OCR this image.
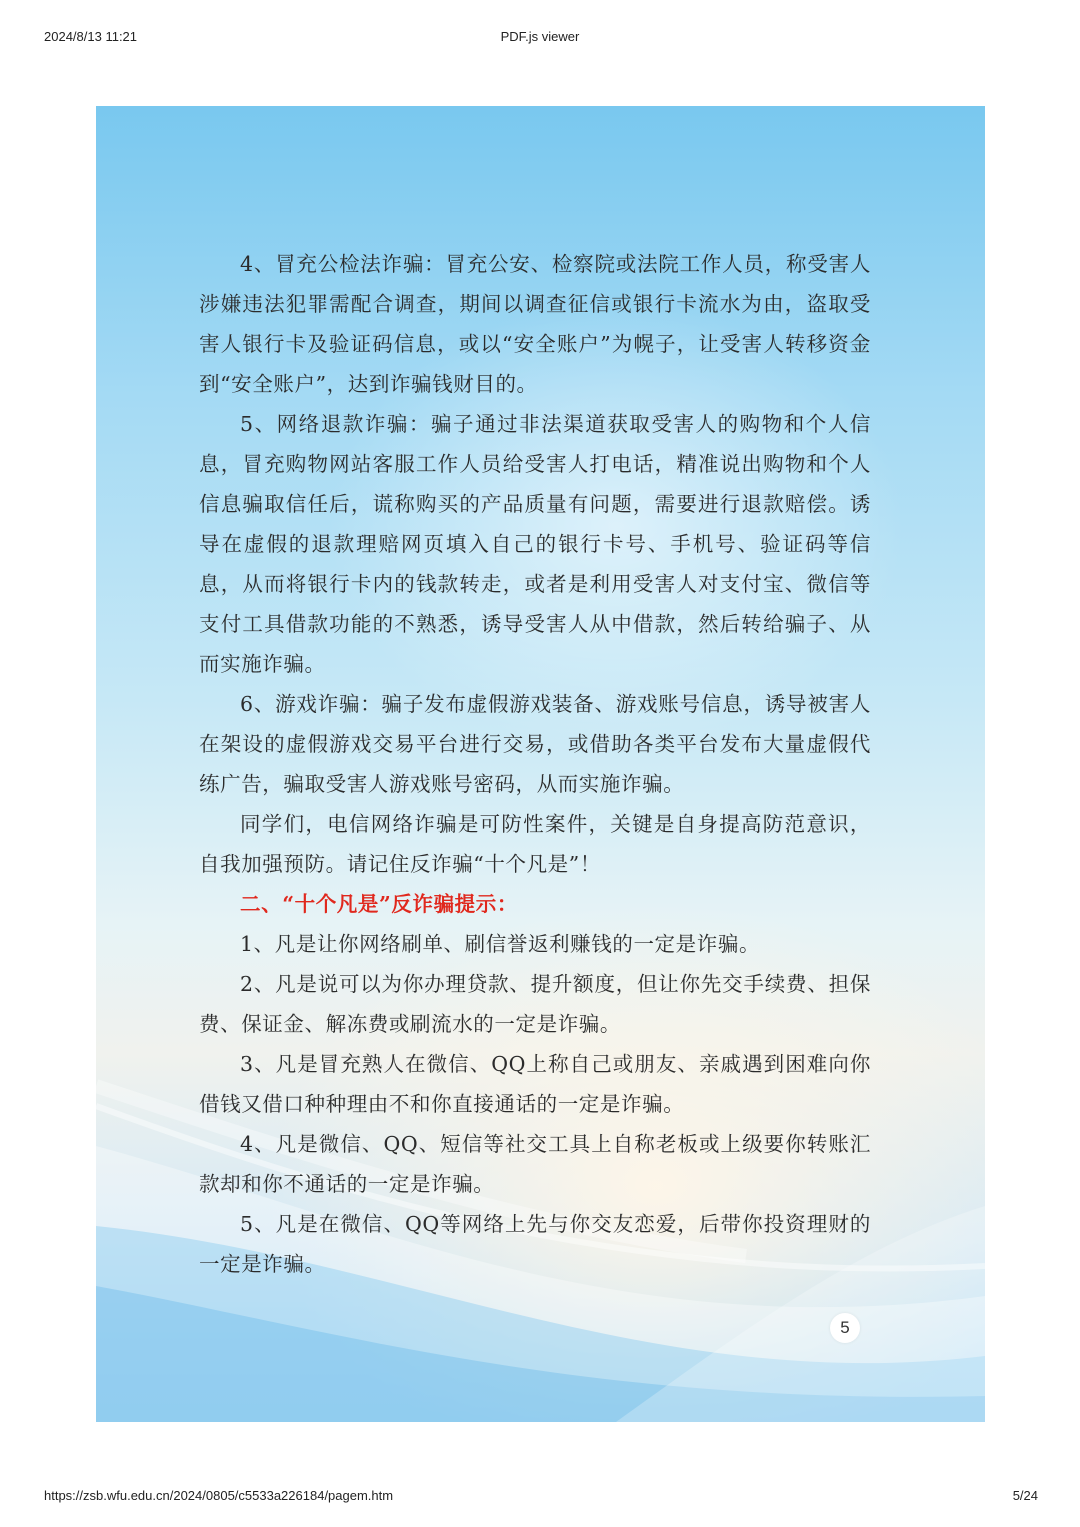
2024/8/13 11:21	PDF.js viewer

4、冒充公检法诈骗：冒充公安、检察院或法院工作人员，称受害人涉嫌违法犯罪需配合调查，期间以调查征信或银行卡流水为由，盗取受害人银行卡及验证码信息，或以“安全账户”为幌子，让受害人转移资金到“安全账户”，达到诈骗钱财目的。

5、网络退款诈骗：骗子通过非法渠道获取受害人的购物和个人信息，冒充购物网站客服工作人员给受害人打电话，精准说出购物和个人信息骗取信任后，谎称购买的产品质量有问题，需要进行退款赔偿。诱导在虚假的退款理赔网页填入自己的银行卡号、手机号、验证码等信息，从而将银行卡内的钱款转走，或者是利用受害人对支付宝、微信等支付工具借款功能的不熟悉，诱导受害人从中借款，然后转给骗子、从而实施诈骗。

6、游戏诈骗：骗子发布虚假游戏装备、游戏账号信息，诱导被害人在架设的虚假游戏交易平台进行交易，或借助各类平台发布大量虚假代练广告，骗取受害人游戏账号密码，从而实施诈骗。

同学们，电信网络诈骗是可防性案件，关键是自身提高防范意识，自我加强预防。请记住反诈骗“十个凡是”！

二、“十个凡是”反诈骗提示：

1、凡是让你网络刷单、刷信誉返利赚钱的一定是诈骗。

2、凡是说可以为你办理贷款、提升额度，但让你先交手续费、担保费、保证金、解冻费或刷流水的一定是诈骗。

3、凡是冒充熟人在微信、QQ上称自己或朋友、亲戚遇到困难向你借钱又借口种种理由不和你直接通话的一定是诈骗。

4、凡是微信、QQ、短信等社交工具上自称老板或上级要你转账汇款却和你不通话的一定是诈骗。

5、凡是在微信、QQ等网络上先与你交友恋爱，后带你投资理财的一定是诈骗。

5
https://zsb.wfu.edu.cn/2024/0805/c5533a226184/pagem.htm	5/24
